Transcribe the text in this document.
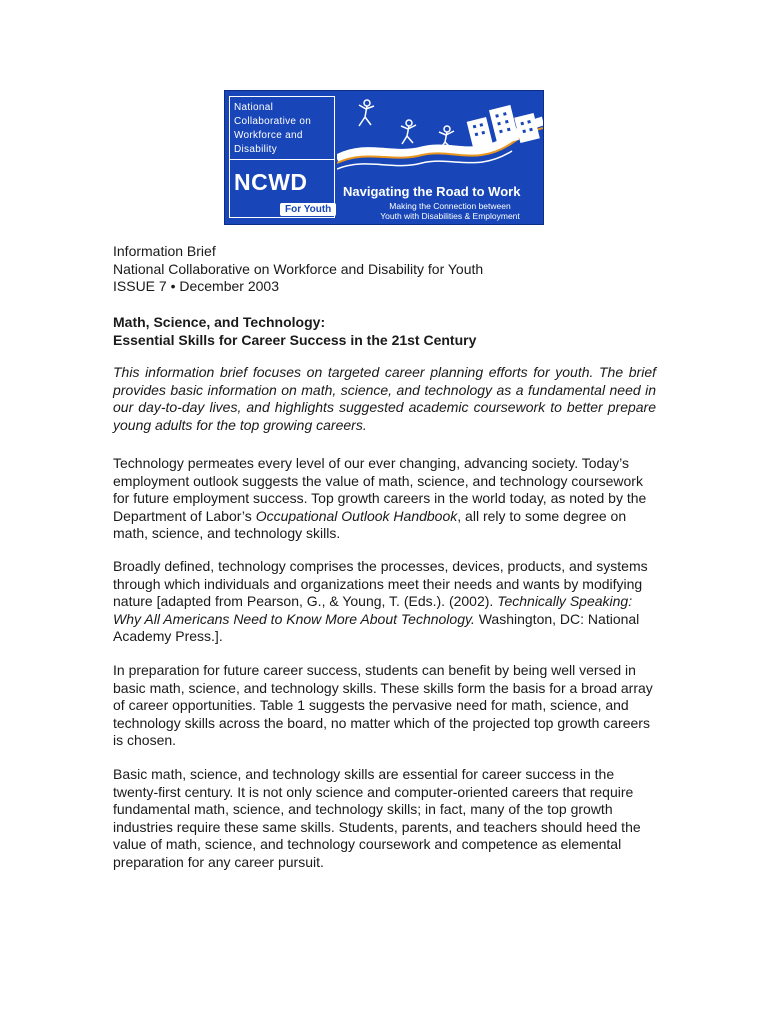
National
Collaborative on
Workforce and
Disability
NCWD
For Youth
Navigating the Road to Work
Making the Connection between
Youth with Disabilities & Employment
Information Brief
National Collaborative on Workforce and Disability for Youth
ISSUE 7 • December 2003
Math, Science, and Technology:
Essential Skills for Career Success in the 21st Century
This information brief focuses on targeted career planning efforts for youth. The brief provides basic information on math, science, and technology as a fundamental need in our day-to-day lives, and highlights suggested academic coursework to better prepare young adults for the top growing careers.
Technology permeates every level of our ever changing, advancing society. Today’s employment outlook suggests the value of math, science, and technology coursework for future employment success. Top growth careers in the world today, as noted by the Department of Labor’s Occupational Outlook Handbook, all rely to some degree on math, science, and technology skills.
Broadly defined, technology comprises the processes, devices, products, and systems through which individuals and organizations meet their needs and wants by modifying nature [adapted from Pearson, G., & Young, T. (Eds.). (2002). Technically Speaking: Why All Americans Need to Know More About Technology. Washington, DC: National Academy Press.].
In preparation for future career success, students can benefit by being well versed in basic math, science, and technology skills. These skills form the basis for a broad array of career opportunities. Table 1 suggests the pervasive need for math, science, and technology skills across the board, no matter which of the projected top growth careers is chosen.
Basic math, science, and technology skills are essential for career success in the twenty-first century. It is not only science and computer-oriented careers that require fundamental math, science, and technology skills; in fact, many of the top growth industries require these same skills. Students, parents, and teachers should heed the value of math, science, and technology coursework and competence as elemental preparation for any career pursuit.
